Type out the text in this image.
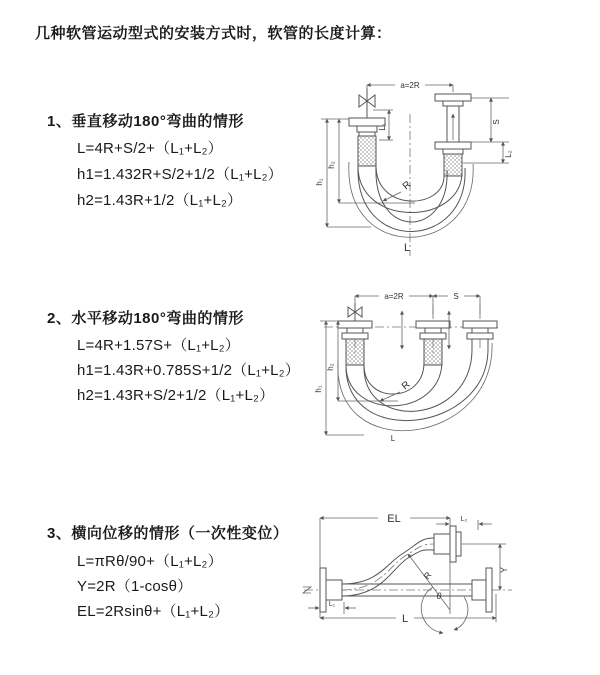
几种软管运动型式的安装方式时，软管的长度计算：
1、垂直移动180°弯曲的情形
L=4R+S/2+（L₁+L₂）
h1=1.432R+S/2+1/2（L₁+L₂）
h2=1.43R+1/2（L₁+L₂）
2、水平移动180°弯曲的情形
L=4R+1.57S+（L₁+L₂）
h1=1.43R+0.785S+1/2（L₁+L₂）
h2=1.43R+S/2+1/2（L₁+L₂）
3、横向位移的情形（一次性变位）
L=πRθ/90+（L₁+L₂）
Y=2R（1-cosθ）
EL=2Rsinθ+（L₁+L₂）
a=2R
L₁
S
L₂
h₁
h₂
R
L
a=2R	S
h₁
h₂
R
L
EL	L₂
Y
R
θ
L₁
L
